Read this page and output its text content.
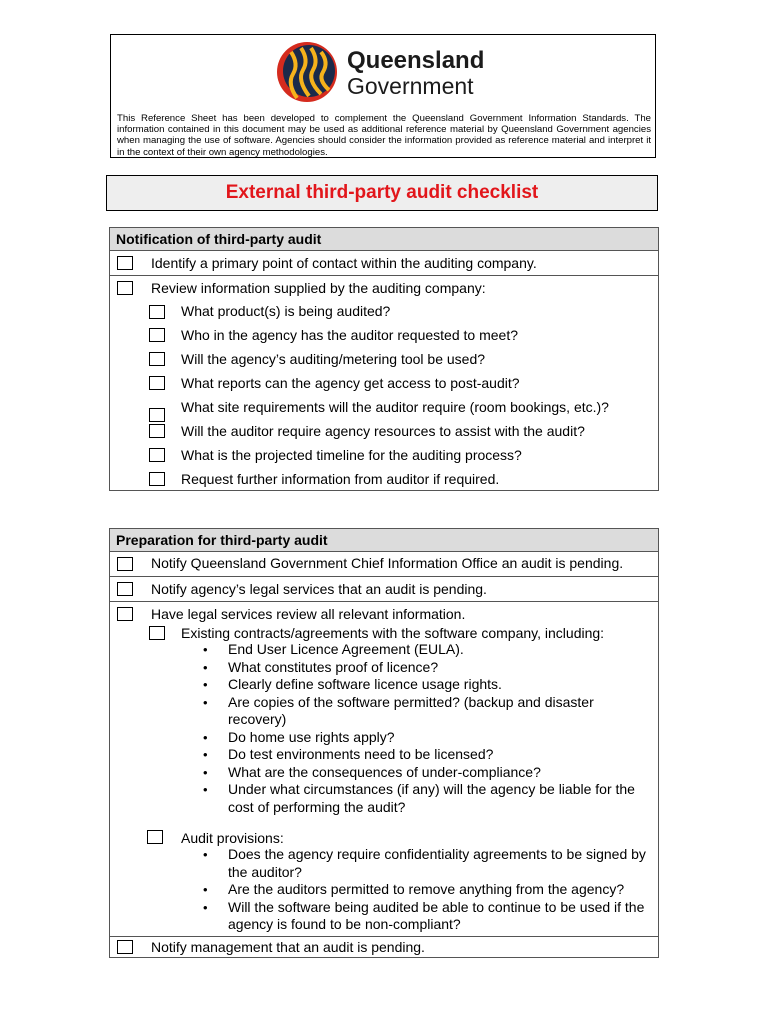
Queensland
Government
This Reference Sheet has been developed to complement the Queensland Government Information Standards. The information contained in this document may be used as additional reference material by Queensland Government agencies when managing the use of software. Agencies should consider the information provided as reference material and interpret it in the context of their own agency methodologies.
External third-party audit checklist
Notification of third-party audit

Identify a primary point of contact within the auditing company.

Review information supplied by the auditing company:
What product(s) is being audited?
Who in the agency has the auditor requested to meet?
Will the agency’s auditing/metering tool be used?
What reports can the agency get access to post-audit?
What site requirements will the auditor require (room bookings, etc.)?
Will the auditor require agency resources to assist with the audit?
What is the projected timeline for the auditing process?
Request further information from auditor if required.
Preparation for third-party audit

Notify Queensland Government Chief Information Office an audit is pending.

Notify agency’s legal services that an audit is pending.

Have legal services review all relevant information.
Existing contracts/agreements with the software company, including:
• End User Licence Agreement (EULA).
• What constitutes proof of licence?
• Clearly define software licence usage rights.
• Are copies of the software permitted? (backup and disaster recovery)
• Do home use rights apply?
• Do test environments need to be licensed?
• What are the consequences of under-compliance?
• Under what circumstances (if any) will the agency be liable for the cost of performing the audit?
Audit provisions:
• Does the agency require confidentiality agreements to be signed by the auditor?
• Are the auditors permitted to remove anything from the agency?
• Will the software being audited be able to continue to be used if the agency is found to be non-compliant?

Notify management that an audit is pending.
